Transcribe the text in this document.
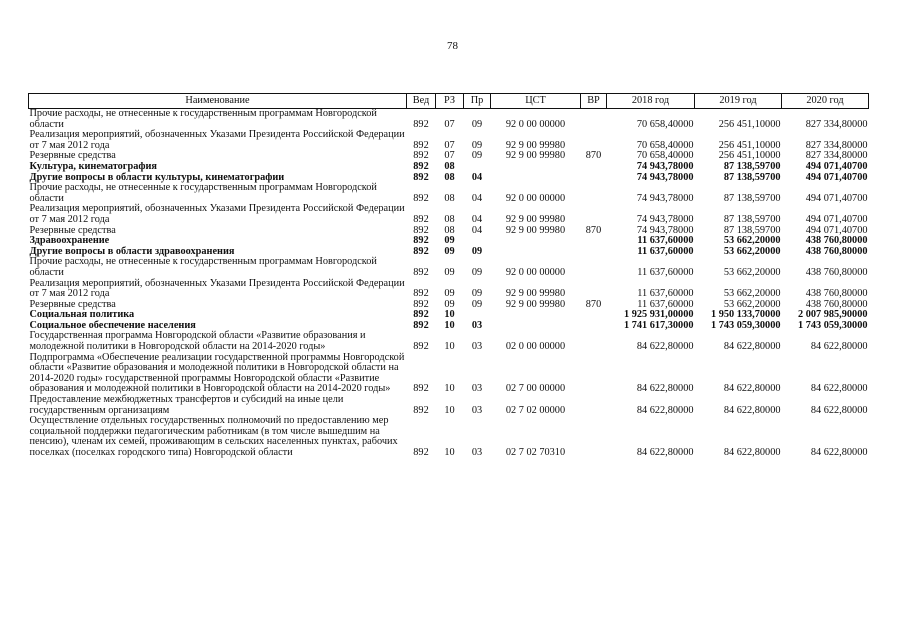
78
Наименование	Вед	РЗ	Пр	ЦСТ	ВР	2018 год	2019 год	2020 год
Прочие расходы, не отнесенные к государственным программам Новгородской области	892	07	09	92 0 00 00000		70 658,40000	256 451,10000	827 334,80000
Реализация мероприятий, обозначенных Указами Президента Российской Федерации от 7 мая 2012 года	892	07	09	92 9 00 99980		70 658,40000	256 451,10000	827 334,80000
Резервные средства	892	07	09	92 9 00 99980	870	70 658,40000	256 451,10000	827 334,80000
Культура, кинематография	892	08				74 943,78000	87 138,59700	494 071,40700
Другие вопросы в области культуры, кинематографии	892	08	04			74 943,78000	87 138,59700	494 071,40700
Прочие расходы, не отнесенные к государственным программам Новгородской области	892	08	04	92 0 00 00000		74 943,78000	87 138,59700	494 071,40700
Реализация мероприятий, обозначенных Указами Президента Российской Федерации от 7 мая 2012 года	892	08	04	92 9 00 99980		74 943,78000	87 138,59700	494 071,40700
Резервные средства	892	08	04	92 9 00 99980	870	74 943,78000	87 138,59700	494 071,40700
Здравоохранение	892	09				11 637,60000	53 662,20000	438 760,80000
Другие вопросы в области здравоохранения	892	09	09			11 637,60000	53 662,20000	438 760,80000
Прочие расходы, не отнесенные к государственным программам Новгородской области	892	09	09	92 0 00 00000		11 637,60000	53 662,20000	438 760,80000
Реализация мероприятий, обозначенных Указами Президента Российской Федерации от 7 мая 2012 года	892	09	09	92 9 00 99980		11 637,60000	53 662,20000	438 760,80000
Резервные средства	892	09	09	92 9 00 99980	870	11 637,60000	53 662,20000	438 760,80000
Социальная политика	892	10				1 925 931,00000	1 950 133,70000	2 007 985,90000
Социальное обеспечение населения	892	10	03			1 741 617,30000	1 743 059,30000	1 743 059,30000
Государственная программа Новгородской области «Развитие образования и молодежной политики в Новгородской области на 2014-2020 годы»	892	10	03	02 0 00 00000		84 622,80000	84 622,80000	84 622,80000
Подпрограмма «Обеспечение реализации государственной программы Новгородской области «Развитие образования и молодежной политики в Новгородской области на 2014-2020 годы» государственной программы Новгородской области «Развитие образования и молодежной политики в Новгородской области на 2014-2020 годы»	892	10	03	02 7 00 00000		84 622,80000	84 622,80000	84 622,80000
Предоставление межбюджетных трансфертов и субсидий на иные цели государственным организациям	892	10	03	02 7 02 00000		84 622,80000	84 622,80000	84 622,80000
Осуществление отдельных государственных полномочий по предоставлению мер социальной поддержки педагогическим работникам (в том числе вышедшим на пенсию), членам их семей, проживающим в сельских населенных пунктах, рабочих поселках (поселках городского типа) Новгородской области	892	10	03	02 7 02 70310		84 622,80000	84 622,80000	84 622,80000
